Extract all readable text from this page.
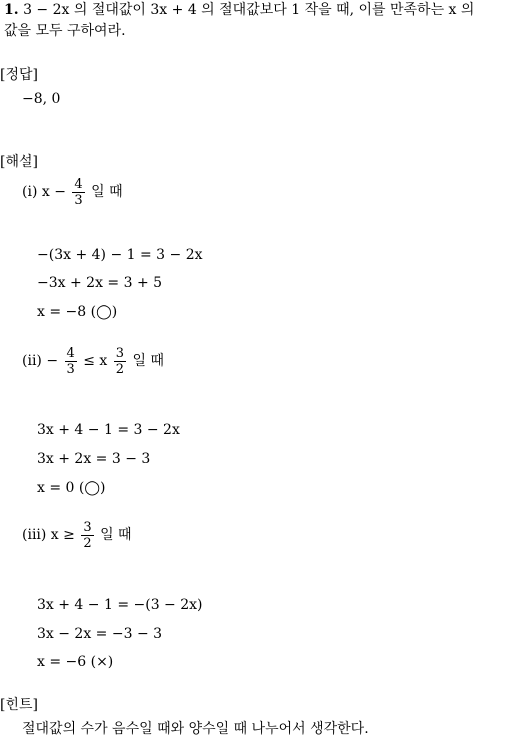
1. 3 − 2x 의 절대값이 3x + 4 의 절대값보다 1 작을 때, 이를 만족하는 x 의
값을 모두 구하여라.
[정답]
−8, 0
[해설]
(i) $x - \frac{4}{3}$ 일 때
−(3x + 4) − 1 = 3 − 2x
−3x + 2x = 3 + 5
x = −8 (◯)
$(ii) - \frac{4}{3} \le x \frac{3}{2}$ 일 때
3x + 4 − 1 = 3 − 2x
3x + 2x = 3 − 3
x = 0 (◯)
(iii) $x \ge \frac{3}{2}$ 일 때
3x + 4 − 1 = −(3 − 2x)
3x − 2x = −3 − 3
x = −6 (×)
[힌트]
절대값의 수가 음수일 때와 양수일 때 나누어서 생각한다.
